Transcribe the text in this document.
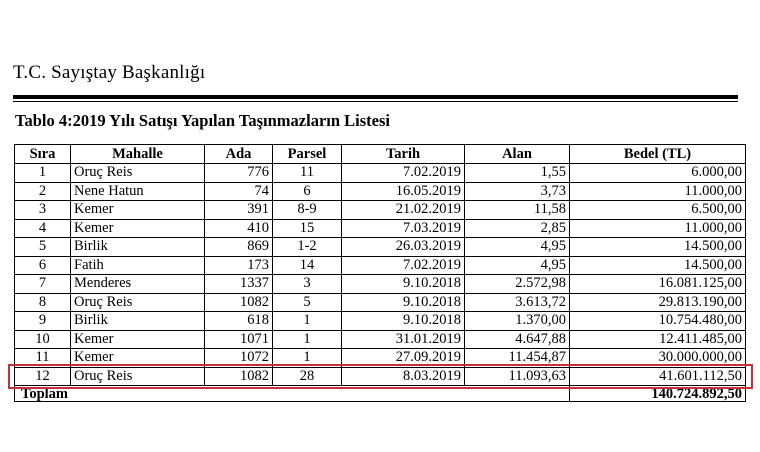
T.C. Sayıştay Başkanlığı
Tablo 4:2019 Yılı Satışı Yapılan Taşınmazların Listesi
Sıra	Mahalle	Ada	Parsel	Tarih	Alan	Bedel (TL)
1	Oruç Reis	776	11	7.02.2019	1,55	6.000,00
2	Nene Hatun	74	6	16.05.2019	3,73	11.000,00
3	Kemer	391	8-9	21.02.2019	11,58	6.500,00
4	Kemer	410	15	7.03.2019	2,85	11.000,00
5	Birlik	869	1-2	26.03.2019	4,95	14.500,00
6	Fatih	173	14	7.02.2019	4,95	14.500,00
7	Menderes	1337	3	9.10.2018	2.572,98	16.081.125,00
8	Oruç Reis	1082	5	9.10.2018	3.613,72	29.813.190,00
9	Birlik	618	1	9.10.2018	1.370,00	10.754.480,00
10	Kemer	1071	1	31.01.2019	4.647,88	12.411.485,00
11	Kemer	1072	1	27.09.2019	11.454,87	30.000.000,00
12	Oruç Reis	1082	28	8.03.2019	11.093,63	41.601.112,50
Toplam						140.724.892,50
